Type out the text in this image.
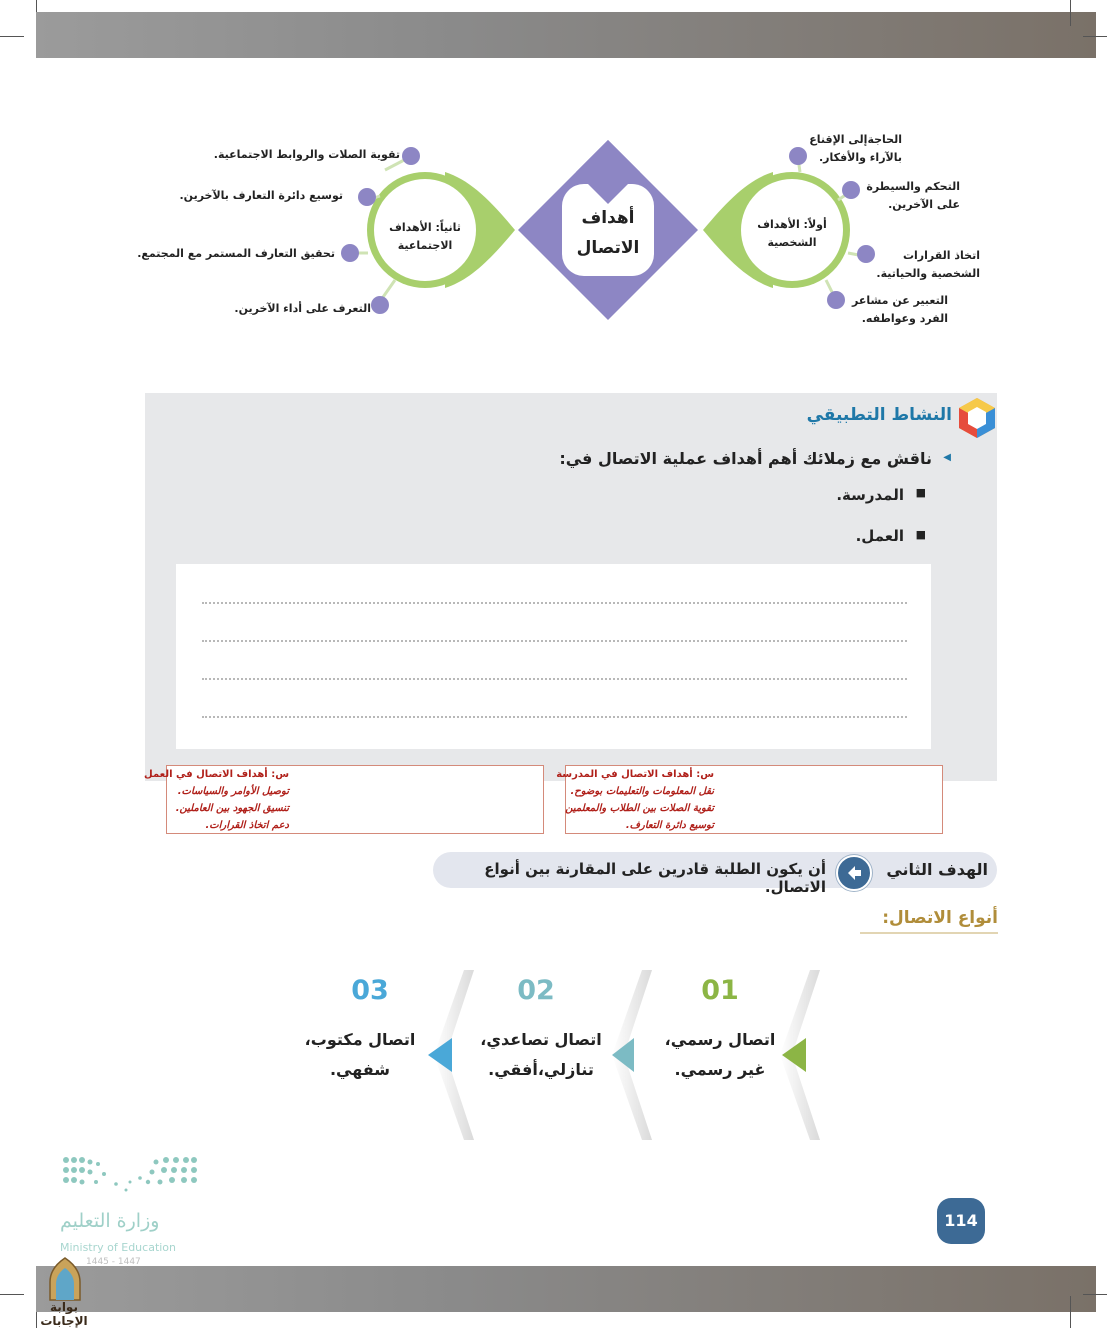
أهداف
الاتصال
أولاً: الأهداف
الشخصية
ثانياً: الأهداف
الاجتماعية
الحاجةإلى الإقناع
بالآراء والأفكار.
التحكم والسيطرة
على الآخرين.
اتخاذ القرارات
الشخصية والحياتية.
التعبير عن مشاعر
الفرد وعواطفه.
تقوية الصلات والروابط الاجتماعية.
توسيع دائرة التعارف بالآخرين.
تحقيق التعارف المستمر مع المجتمع.
التعرف على أداء الآخرين.
النشاط التطبيقي
◀
ناقش مع زملائك أهم أهداف عملية الاتصال في:
■
المدرسة.
■
العمل.
س: أهداف الاتصال في المدرسة
نقل المعلومات والتعليمات بوضوح.
تقوية الصلات بين الطلاب والمعلمين
توسيع دائرة التعارف.
س: أهداف الاتصال في العمل
توصيل الأوامر والسياسات.
تنسيق الجهود بين العاملين.
دعم اتخاذ القرارات.
الهدف الثاني
أن يكون الطلبة قادرين على المقارنة بين أنواع الاتصال.
أنواع الاتصال:
01
اتصال رسمي،
غير رسمي.
02
اتصال تصاعدي،
تنازلي،أفقي.
03
اتصال مكتوب،
شفهي.
وزارة التعليم
Ministry of Education
1445 - 1447
114
بوابة الإجابات
